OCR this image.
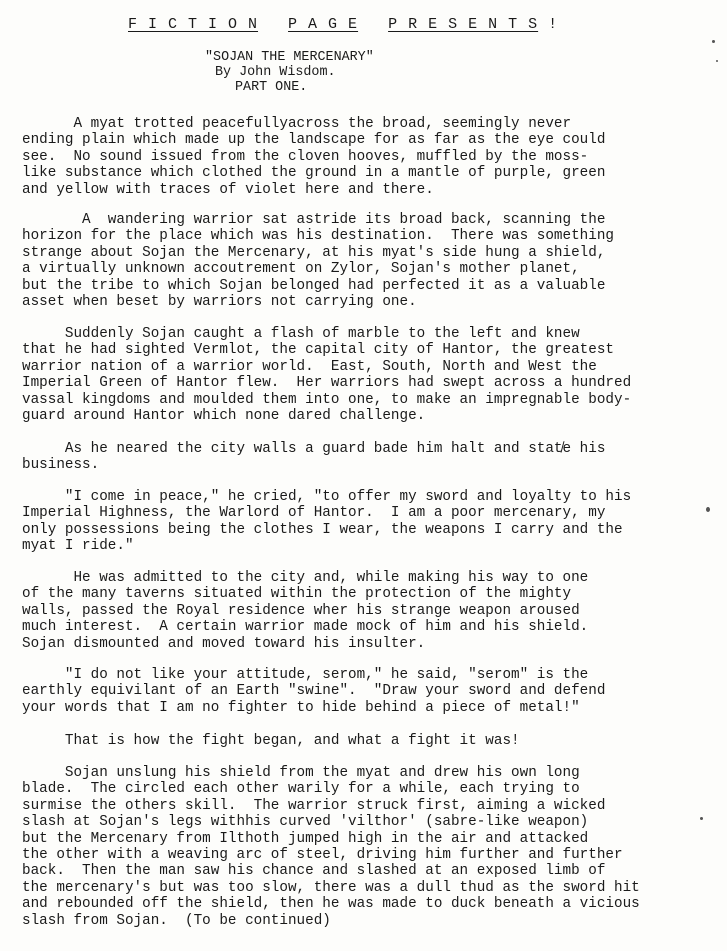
F I C T I O N P A G E P R E S E N T S !
"SOJAN THE MERCENARY"
By John Wisdom.
PART ONE.
A myat trotted peacefullyacross the broad, seemingly never
ending plain which made up the landscape for as far as the eye could
see.  No sound issued from the cloven hooves, muffled by the moss-
like substance which clothed the ground in a mantle of purple, green
and yellow with traces of violet here and there.
A  wandering warrior sat astride its broad back, scanning the
horizon for the place which was his destination.  There was something
strange about Sojan the Mercenary, at his myat's side hung a shield,
a virtually unknown accoutrement on Zylor, Sojan's mother planet,
but the tribe to which Sojan belonged had perfected it as a valuable
asset when beset by warriors not carrying one.
Suddenly Sojan caught a flash of marble to the left and knew
that he had sighted Vermlot, the capital city of Hantor, the greatest
warrior nation of a warrior world.  East, South, North and West the
Imperial Green of Hantor flew.  Her warriors had swept across a hundred
vassal kingdoms and moulded them into one, to make an impregnable body-
guard around Hantor which none dared challenge.
As he neared the city walls a guard bade him halt and stat̸e his
business.
"I come in peace," he cried, "to offer my sword and loyalty to his
Imperial Highness, the Warlord of Hantor.  I am a poor mercenary, my
only possessions being the clothes I wear, the weapons I carry and the
myat I ride."
He was admitted to the city and, while making his way to one
of the many taverns situated within the protection of the mighty
walls, passed the Royal residence wher his strange weapon aroused
much interest.  A certain warrior made mock of him and his shield.
Sojan dismounted and moved toward his insulter.
"I do not like your attitude, serom," he said, "serom" is the
earthly equivilant of an Earth "swine".  "Draw your sword and defend
your words that I am no fighter to hide behind a piece of metal!"
That is how the fight began, and what a fight it was!
Sojan unslung his shield from the myat and drew his own long
blade.  The circled each other warily for a while, each trying to
surmise the others skill.  The warrior struck first, aiming a wicked
slash at Sojan's legs withhis curved 'vilthor' (sabre-like weapon)
but the Mercenary from Ilthoth jumped high in the air and attacked
the other with a weaving arc of steel, driving him further and further
back.  Then the man saw his chance and slashed at an exposed limb of
the mercenary's but was too slow, there was a dull thud as the sword hit
and rebounded off the shield, then he was made to duck beneath a vicious
slash from Sojan.  (To be continued)
